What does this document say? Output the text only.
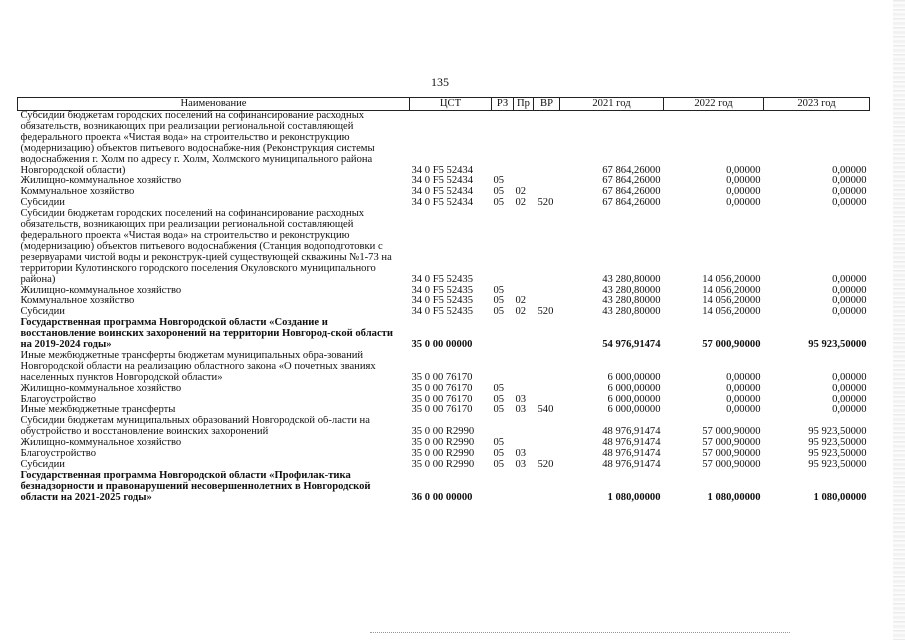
135
Наименование	ЦСТ	РЗ	Пр	ВР	2021 год	2022 год	2023 год
Субсидии бюджетам городских поселений на софинансирование расходных обязательств, возникающих при реализации региональной составляющей федерального проекта «Чистая вода» на строительство и реконструкцию (модернизацию) объектов питьевого водоснабже-ния (Реконструкция системы водоснабжения г. Холм по адресу г. Холм, Холмского муниципального района Новгородской области)	34 0 F5 52434				67 864,26000	0,00000	0,00000
Жилищно-коммунальное хозяйство	34 0 F5 52434	05			67 864,26000	0,00000	0,00000
Коммунальное хозяйство	34 0 F5 52434	05	02		67 864,26000	0,00000	0,00000
Субсидии	34 0 F5 52434	05	02	520	67 864,26000	0,00000	0,00000
Субсидии бюджетам городских поселений на софинансирование расходных обязательств, возникающих при реализации региональной составляющей федерального проекта «Чистая вода» на строительство и реконструкцию (модернизацию) объектов питьевого водоснабжения (Станция водоподготовки с резервуарами чистой воды и реконструк-цией существующей скважины №1-73 на территории Кулотинского городского поселения Окуловского муниципального района)	34 0 F5 52435				43 280,80000	14 056,20000	0,00000
Жилищно-коммунальное хозяйство	34 0 F5 52435	05			43 280,80000	14 056,20000	0,00000
Коммунальное хозяйство	34 0 F5 52435	05	02		43 280,80000	14 056,20000	0,00000
Субсидии	34 0 F5 52435	05	02	520	43 280,80000	14 056,20000	0,00000
Государственная программа Новгородской области «Создание и восстановление воинских захоронений на территории Новгород-ской области на 2019-2024 годы»	35 0 00 00000				54 976,91474	57 000,90000	95 923,50000
Иные межбюджетные трансферты бюджетам муниципальных обра-зований Новгородской области на реализацию областного закона «О почетных званиях населенных пунктов Новгородской области»	35 0 00 76170				6 000,00000	0,00000	0,00000
Жилищно-коммунальное хозяйство	35 0 00 76170	05			6 000,00000	0,00000	0,00000
Благоустройство	35 0 00 76170	05	03		6 000,00000	0,00000	0,00000
Иные межбюджетные трансферты	35 0 00 76170	05	03	540	6 000,00000	0,00000	0,00000
Субсидии бюджетам муниципальных образований Новгородской об-ласти на обустройство и восстановление воинских захоронений	35 0 00 R2990				48 976,91474	57 000,90000	95 923,50000
Жилищно-коммунальное хозяйство	35 0 00 R2990	05			48 976,91474	57 000,90000	95 923,50000
Благоустройство	35 0 00 R2990	05	03		48 976,91474	57 000,90000	95 923,50000
Субсидии	35 0 00 R2990	05	03	520	48 976,91474	57 000,90000	95 923,50000
Государственная программа Новгородской области «Профилак-тика безнадзорности и правонарушений несовершеннолетних в Новгородской области на 2021-2025 годы»	36 0 00 00000				1 080,00000	1 080,00000	1 080,00000
